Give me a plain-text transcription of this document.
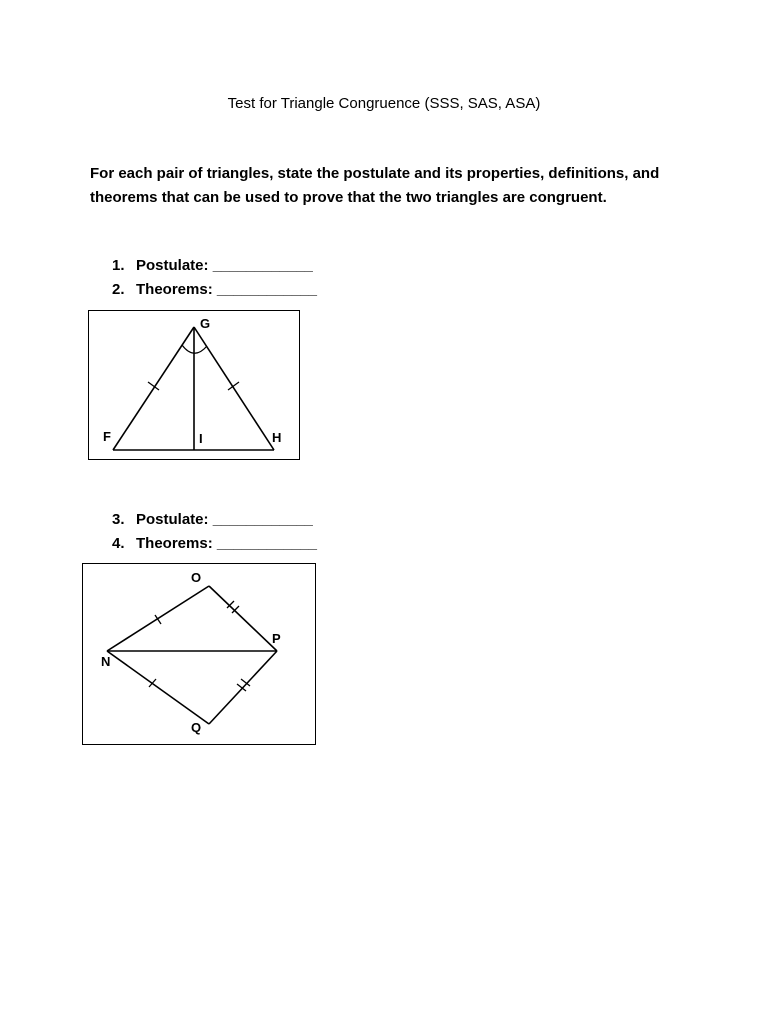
Test for Triangle Congruence (SSS, SAS, ASA)
For each pair of triangles, state the postulate and its properties, definitions, and theorems that can be used to prove that the two triangles are congruent.
1. Postulate: ____________
2. Theorems: ____________
G
F	H
I
3. Postulate: ____________
4. Theorems: ____________
O
P
N
Q
